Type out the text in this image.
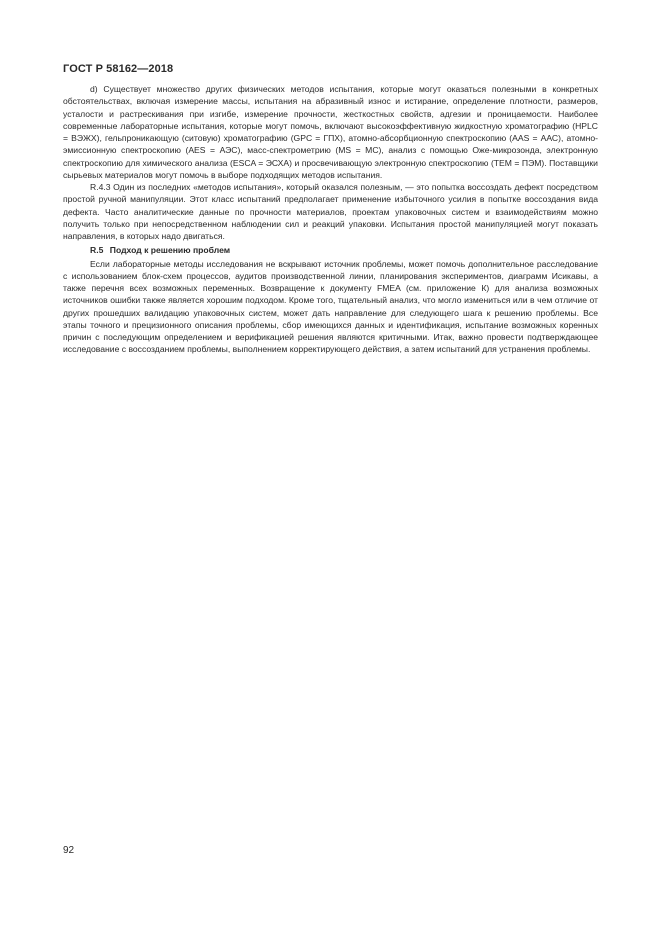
ГОСТ Р 58162—2018

d) Существует множество других физических методов испытания, которые могут оказаться полезными в конкретных обстоятельствах, включая измерение массы, испытания на абразивный износ и истирание, определение плотности, размеров, усталости и растрескивания при изгибе, измерение прочности, жесткостных свойств, адгезии и проницаемости. Наиболее современные лабораторные испытания, которые могут помочь, включают высокоэффективную жидкостную хроматографию (HPLC = ВЭЖХ), гельпроникающую (ситовую) хроматографию (GPC = ГПХ), атомно-абсорбционную спектроскопию (AAS = ААС), атомно-эмиссионную спектроскопию (AES = АЭС), масс-спектрометрию (MS = МС), анализ с помощью Оже-микрозонда, электронную спектроскопию для химического анализа (ESCA = ЭСХА) и просвечивающую электронную спектроскопию (TEM = ПЭМ). Поставщики сырьевых материалов могут помочь в выборе подходящих методов испытания.

R.4.3 Один из последних «методов испытания», который оказался полезным, — это попытка воссоздать дефект посредством простой ручной манипуляции. Этот класс испытаний предполагает применение избыточного усилия в попытке воссоздания вида дефекта. Часто аналитические данные по прочности материалов, проектам упаковочных систем и взаимодействиям можно получить только при непосредственном наблюдении сил и реакций упаковки. Испытания простой манипуляцией могут показать направления, в которых надо двигаться.

R.5 Подход к решению проблем

Если лабораторные методы исследования не вскрывают источник проблемы, может помочь дополнительное расследование с использованием блок-схем процессов, аудитов производственной линии, планирования экспериментов, диаграмм Исикавы, а также перечня всех возможных переменных. Возвращение к документу FMEA (см. приложение К) для анализа возможных источников ошибки также является хорошим подходом. Кроме того, тщательный анализ, что могло измениться или в чем отличие от других прошедших валидацию упаковочных систем, может дать направление для следующего шага к решению проблемы. Все этапы точного и прецизионного описания проблемы, сбор имеющихся данных и идентификация, испытание возможных коренных причин с последующим определением и верификацией решения являются критичными. Итак, важно провести подтверждающее исследование с воссозданием проблемы, выполнением корректирующего действия, а затем испытаний для устранения проблемы.

92
